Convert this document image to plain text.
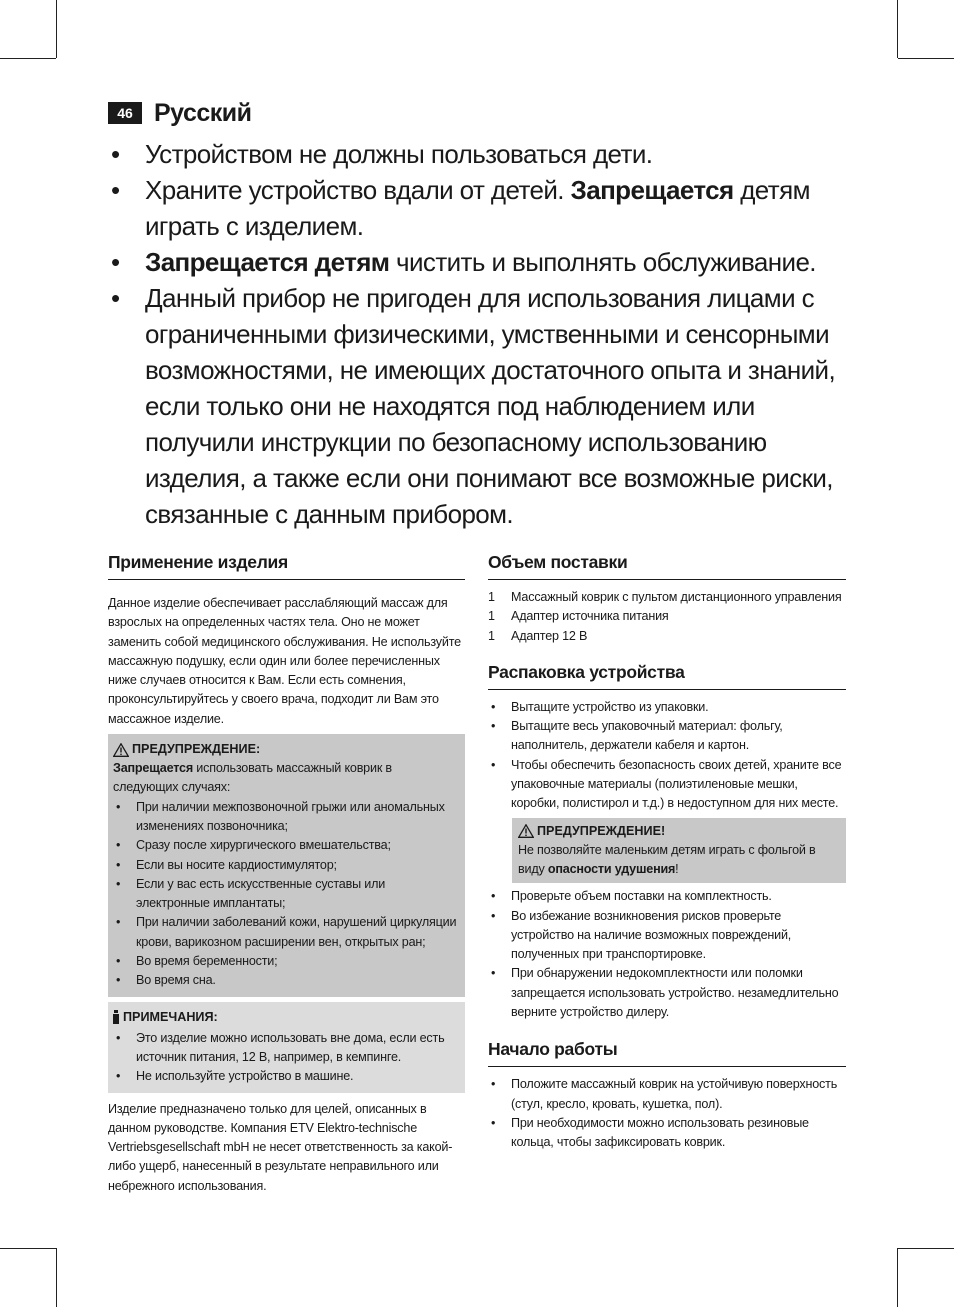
46 Русский
• Устройством не должны пользоваться дети.
• Храните устройство вдали от детей. Запрещается детям играть с изделием.
• Запрещается детям чистить и выполнять обслуживание.
• Данный прибор не пригоден для использования лицами с ограниченными физическими, умственными и сенсорными возможностями, не имеющих достаточного опыта и знаний, если только они не находятся под наблюдением или получили инструкции по безопасному использованию изделия, а также если они понимают все возможные риски, связанные с данным прибором.
Применение изделия

Данное изделие обеспечивает расслабляющий массаж для взрослых на определенных частях тела. Оно не может заменить собой медицинского обслуживания. Не используйте массажную подушку, если один или более перечисленных ниже случаев относится к Вам. Если есть сомнения, проконсультируйтесь у своего врача, подходит ли Вам это массажное изделие.

ПРЕДУПРЕЖДЕНИЕ:

Запрещается использовать массажный коврик в следующих случаях:

• При наличии межпозвоночной грыжи или аномальных изменениях позвоночника;
• Сразу после хирургического вмешательства;
• Если вы носите кардиостимулятор;
• Если у вас есть искусственные суставы или электронные имплантаты;
• При наличии заболеваний кожи, нарушений циркуляции крови, варикозном расширении вен, открытых ран;
• Во время беременности;
• Во время сна.
ПРИМЕЧАНИЯ:
• Это изделие можно использовать вне дома, если есть источник питания, 12 В, например, в кемпинге.
• Не используйте устройство в машине.

Изделие предназначено только для целей, описанных в данном руководстве. Компания ETV Elektro-technische Vertriebsgesellschaft mbH не несет ответственность за какой-либо ущерб, нанесенный в результате неправильного или небрежного использования.

Объем поставки
1 Массажный коврик с пультом дистанционного управления
1 Адаптер источника питания
1 Адаптер 12 В
Распаковка устройства
• Вытащите устройство из упаковки.
• Вытащите весь упаковочный материал: фольгу, наполнитель, держатели кабеля и картон.
• Чтобы обеспечить безопасность своих детей, храните все упаковочные материалы (полиэтиленовые мешки, коробки, полистирол и т.д.) в недоступном для них месте.
ПРЕДУПРЕЖДЕНИЕ!

Не позволяйте маленьким детям играть с фольгой в виду опасности удушения!

• Проверьте объем поставки на комплектность.
• Во избежание возникновения рисков проверьте устройство на наличие возможных повреждений, полученных при транспортировке.
• При обнаружении недокомплектности или поломки запрещается использовать устройство. незамедлительно верните устройство дилеру.
Начало работы
• Положите массажный коврик на устойчивую поверхность (стул, кресло, кровать, кушетка, пол).
• При необходимости можно использовать резиновые кольца, чтобы зафиксировать коврик.
